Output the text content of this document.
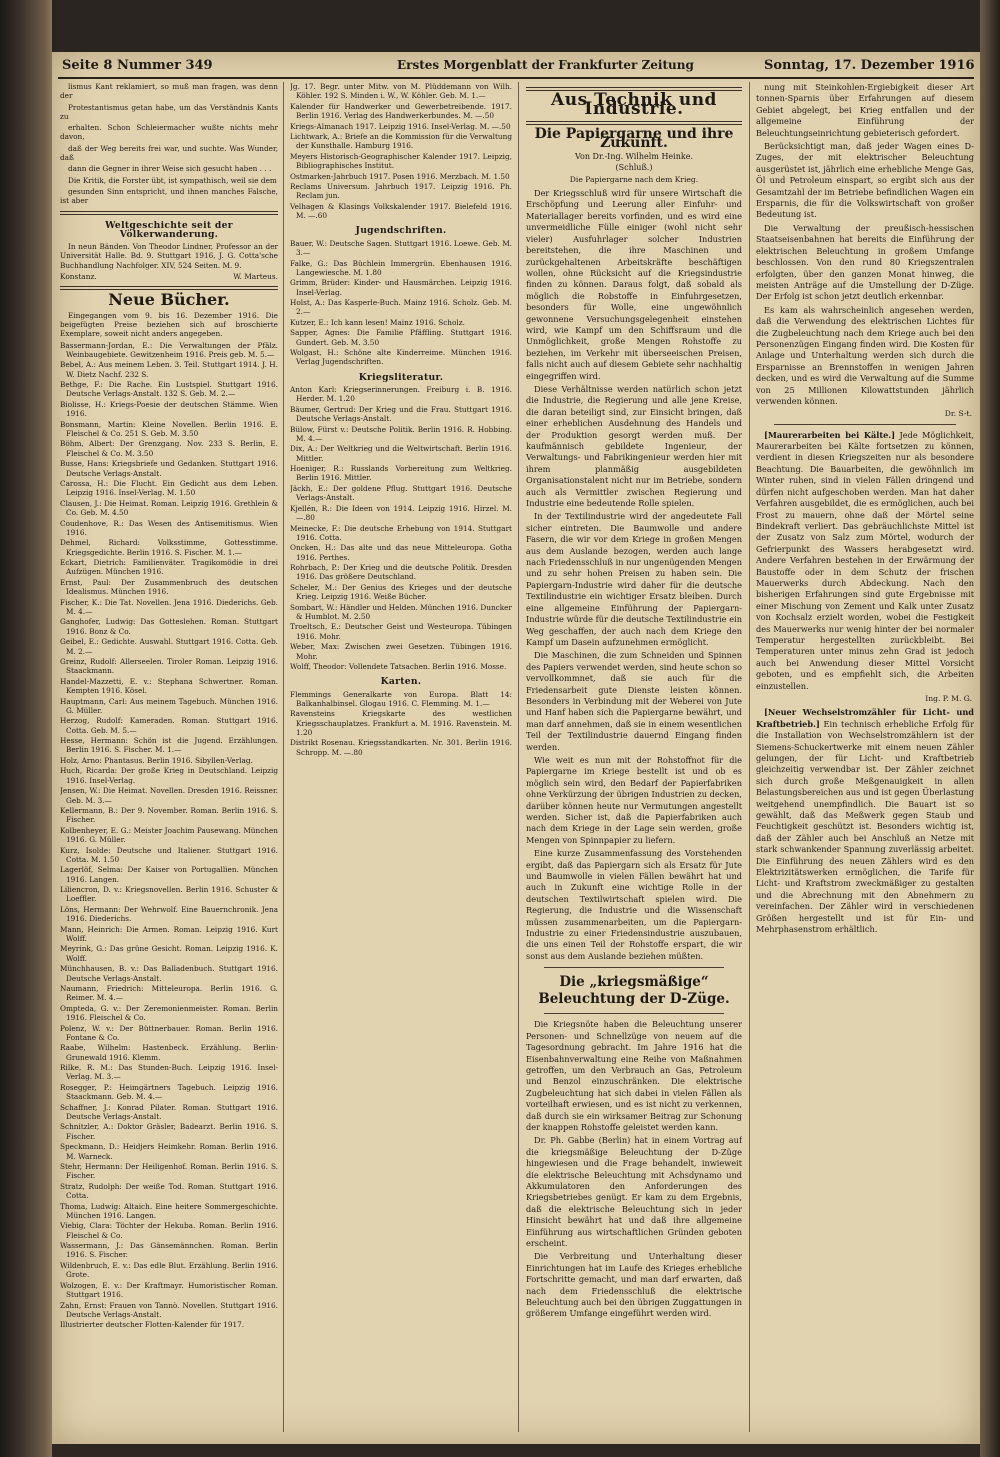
Seite 8 Nummer 349	Erstes Morgenblatt der Frankfurter Zeitung	Sonntag, 17. Dezember 1916
lismus Kant reklamiert, so muß man fragen, was denn der
Protestantismus getan habe, um das Verständnis Kants zu
erhalten. Schon Schleiermacher wußte nichts mehr davon,
daß der Weg bereits frei war, und suchte. Was Wunder, daß
dann die Gegner in ihrer Weise sich gesucht haben . . .
Die Kritik, die Forster übt, ist sympathisch, weil sie dem
gesunden Sinn entspricht, und ihnen manches Falsche, ist aber
Weltgeschichte seit der Völkerwanderung.

In neun Bänden. Von Theodor Lindner, Professor an der Universität Halle. Bd. 9. Stuttgart 1916, J. G. Cotta'sche Buchhandlung Nachfolger. XIV, 524 Seiten. M. 9.

Konstanz.	W. Marteus.
Neue Bücher.

Eingegangen vom 9. bis 16. Dezember 1916. Die beigefügten Preise beziehen sich auf broschierte Exemplare, soweit nicht anders angegeben.

Bassermann-Jordan, E.: Die Verwaltungen der Pfälz. Weinbaugebiete. Gewitzenheim 1916. Preis geb. M. 5.—
Bebel, A.: Aus meinem Leben. 3. Teil. Stuttgart 1914. J. H. W. Dietz Nachf. 232 S.
Bethge, F.: Die Rache. Ein Lustspiel. Stuttgart 1916. Deutsche Verlags-Anstalt. 132 S. Geb. M. 2.—
Biolisse, H.: Kriegs-Poesie der deutschen Stämme. Wien 1916.
Bonsmann, Martin: Kleine Novellen. Berlin 1916. E. Fleischel & Co. 251 S. Geb. M. 3.50
Böhm, Albert: Der Grenzgang. Nov. 233 S. Berlin, E. Fleischel & Co. M. 3.50
Busse, Hans: Kriegsbriefe und Gedanken. Stuttgart 1916. Deutsche Verlags-Anstalt.
Carossa, H.: Die Flucht. Ein Gedicht aus dem Leben. Leipzig 1916. Insel-Verlag. M. 1.50
Clausen, J.: Die Heimat. Roman. Leipzig 1916. Grethlein & Co. Geb. M. 4.50
Coudenhove, R.: Das Wesen des Antisemitismus. Wien 1916.
Dehmel, Richard: Volksstimme, Gottesstimme. Kriegsgedichte. Berlin 1916. S. Fischer. M. 1.—
Eckart, Dietrich: Familienväter. Tragikomödie in drei Aufzügen. München 1916.
Ernst, Paul: Der Zusammenbruch des deutschen Idealismus. München 1916.
Fischer, K.: Die Tat. Novellen. Jena 1916. Diederichs. Geb. M. 4.—
Ganghofer, Ludwig: Das Gotteslehen. Roman. Stuttgart 1916. Bonz & Co.
Geibel, E.: Gedichte. Auswahl. Stuttgart 1916. Cotta. Geb. M. 2.—
Greinz, Rudolf: Allerseelen. Tiroler Roman. Leipzig 1916. Staackmann.
Handel-Mazzetti, E. v.: Stephana Schwertner. Roman. Kempten 1916. Kösel.
Hauptmann, Carl: Aus meinem Tagebuch. München 1916. G. Müller.
Herzog, Rudolf: Kameraden. Roman. Stuttgart 1916. Cotta. Geb. M. 5.—
Hesse, Hermann: Schön ist die Jugend. Erzählungen. Berlin 1916. S. Fischer. M. 1.—
Holz, Arno: Phantasus. Berlin 1916. Sibyllen-Verlag.
Huch, Ricarda: Der große Krieg in Deutschland. Leipzig 1916. Insel-Verlag.
Jensen, W.: Die Heimat. Novellen. Dresden 1916. Reissner. Geb. M. 3.—
Kellermann, B.: Der 9. November. Roman. Berlin 1916. S. Fischer.
Kolbenheyer, E. G.: Meister Joachim Pausewang. München 1916. G. Müller.
Kurz, Isolde: Deutsche und Italiener. Stuttgart 1916. Cotta. M. 1.50
Lagerlöf, Selma: Der Kaiser von Portugallien. München 1916. Langen.
Liliencron, D. v.: Kriegsnovellen. Berlin 1916. Schuster & Loeffler.
Löns, Hermann: Der Wehrwolf. Eine Bauernchronik. Jena 1916. Diederichs.
Mann, Heinrich: Die Armen. Roman. Leipzig 1916. Kurt Wolff.
Meyrink, G.: Das grüne Gesicht. Roman. Leipzig 1916. K. Wolff.
Münchhausen, B. v.: Das Balladenbuch. Stuttgart 1916. Deutsche Verlags-Anstalt.
Naumann, Friedrich: Mitteleuropa. Berlin 1916. G. Reimer. M. 4.—
Ompteda, G. v.: Der Zeremonienmeister. Roman. Berlin 1916. Fleischel & Co.
Polenz, W. v.: Der Büttnerbauer. Roman. Berlin 1916. Fontane & Co.
Raabe, Wilhelm: Hastenbeck. Erzählung. Berlin-Grunewald 1916. Klemm.
Rilke, R. M.: Das Stunden-Buch. Leipzig 1916. Insel-Verlag. M. 3.—
Rosegger, P.: Heimgärtners Tagebuch. Leipzig 1916. Staackmann. Geb. M. 4.—
Schaffner, J.: Konrad Pilater. Roman. Stuttgart 1916. Deutsche Verlags-Anstalt.
Schnitzler, A.: Doktor Gräsler, Badearzt. Berlin 1916. S. Fischer.
Speckmann, D.: Heidjers Heimkehr. Roman. Berlin 1916. M. Warneck.
Stehr, Hermann: Der Heiligenhof. Roman. Berlin 1916. S. Fischer.
Stratz, Rudolph: Der weiße Tod. Roman. Stuttgart 1916. Cotta.
Thoma, Ludwig: Altaich. Eine heitere Sommergeschichte. München 1916. Langen.
Viebig, Clara: Töchter der Hekuba. Roman. Berlin 1916. Fleischel & Co.
Wassermann, J.: Das Gänsemännchen. Roman. Berlin 1916. S. Fischer.
Wildenbruch, E. v.: Das edle Blut. Erzählung. Berlin 1916. Grote.
Wolzogen, E. v.: Der Kraftmayr. Humoristischer Roman. Stuttgart 1916.
Zahn, Ernst: Frauen von Tannò. Novellen. Stuttgart 1916. Deutsche Verlags-Anstalt.
Illustrierter deutscher Flotten-Kalender für 1917.
Jg. 17. Begr. unter Mitw. von M. Plüddemann von Wilh. Köhler. 192 S. Minden i. W., W. Köhler. Geb. M. 1.—
Kalender für Handwerker und Gewerbetreibende. 1917. Berlin 1916. Verlag des Handwerkerbundes. M. —.50
Kriegs-Almanach 1917. Leipzig 1916. Insel-Verlag. M. —.50
Lichtwark, A.: Briefe an die Kommission für die Verwaltung der Kunsthalle. Hamburg 1916.
Meyers Historisch-Geographischer Kalender 1917. Leipzig, Bibliographisches Institut.
Ostmarken-Jahrbuch 1917. Posen 1916. Merzbach. M. 1.50
Reclams Universum. Jahrbuch 1917. Leipzig 1916. Ph. Reclam jun.
Velhagen & Klasings Volkskalender 1917. Bielefeld 1916. M. —.60
Jugendschriften.
Bauer, W.: Deutsche Sagen. Stuttgart 1916. Loewe. Geb. M. 3.—
Falke, G.: Das Büchlein Immergrün. Ebenhausen 1916. Langewiesche. M. 1.80
Grimm, Brüder: Kinder- und Hausmärchen. Leipzig 1916. Insel-Verlag.
Holst, A.: Das Kasperle-Buch. Mainz 1916. Scholz. Geb. M. 2.—
Kutzer, E.: Ich kann lesen! Mainz 1916. Scholz.
Sapper, Agnes: Die Familie Pfäffling. Stuttgart 1916. Gundert. Geb. M. 3.50
Wolgast, H.: Schöne alte Kinderreime. München 1916. Verlag Jugendschriften.
Kriegsliteratur.
Anton Karl: Kriegserinnerungen. Freiburg i. B. 1916. Herder. M. 1.20
Bäumer, Gertrud: Der Krieg und die Frau. Stuttgart 1916. Deutsche Verlags-Anstalt.
Bülow, Fürst v.: Deutsche Politik. Berlin 1916. R. Hobbing. M. 4.—
Dix, A.: Der Weltkrieg und die Weltwirtschaft. Berlin 1916. Mittler.
Hoeniger, R.: Russlands Vorbereitung zum Weltkrieg. Berlin 1916. Mittler.
Jäckh, E.: Der goldene Pflug. Stuttgart 1916. Deutsche Verlags-Anstalt.
Kjellén, R.: Die Ideen von 1914. Leipzig 1916. Hirzel. M. —.80
Meinecke, F.: Die deutsche Erhebung von 1914. Stuttgart 1916. Cotta.
Oncken, H.: Das alte und das neue Mitteleuropa. Gotha 1916. Perthes.
Rohrbach, P.: Der Krieg und die deutsche Politik. Dresden 1916. Das größere Deutschland.
Scheler, M.: Der Genius des Krieges und der deutsche Krieg. Leipzig 1916. Weiße Bücher.
Sombart, W.: Händler und Helden. München 1916. Duncker & Humblot. M. 2.50
Troeltsch, E.: Deutscher Geist und Westeuropa. Tübingen 1916. Mohr.
Weber, Max: Zwischen zwei Gesetzen. Tübingen 1916. Mohr.
Wolff, Theodor: Vollendete Tatsachen. Berlin 1916. Mosse.
Karten.
Flemmings Generalkarte von Europa. Blatt 14: Balkanhalbinsel. Glogau 1916. C. Flemming. M. 1.—
Ravensteins Kriegskarte des westlichen Kriegsschauplatzes. Frankfurt a. M. 1916. Ravenstein. M. 1.20
Distrikt Rosenau. Kriegsstandkarten. Nr. 301. Berlin 1916. Schropp. M. —.80
Aus Technik und Industrie.
Die Papiergarne und ihre Zukunft.
Von Dr.-Ing. Wilhelm Heinke.
(Schluß.)
Die Papiergarne nach dem Krieg.
Der Kriegsschluß wird für unsere Wirtschaft die Erschöpfung und Leerung aller Einfuhr- und Materiallager bereits vorfinden, und es wird eine unvermeidliche Fülle einiger (wohl nicht sehr vieler) Ausfuhrlager solcher Industrien bereitstehen, die ihre Maschinen und zurückgehaltenen Arbeitskräfte beschäftigen wollen, ohne Rücksicht auf die Kriegsindustrie finden zu können. Daraus folgt, daß sobald als möglich die Robstoffe in Einfuhrgesetzen, besonders für Wolle, eine ungewöhnlich gewonnene Versuchungsgelegenheit einstehen wird, wie Kampf um den Schiffsraum und die Unmöglichkeit, große Mengen Rohstoffe zu beziehen, im Verkehr mit überseeischen Preisen, falls nicht auch auf diesem Gebiete sehr nachhaltig eingegriffen wird.
Diese Verhältnisse werden natürlich schon jetzt die Industrie, die Regierung und alle jene Kreise, die daran beteiligt sind, zur Einsicht bringen, daß einer erheblichen Ausdehnung des Handels und der Produktion gesorgt werden muß. Der kaufmännisch gebildete Ingenieur, der Verwaltungs- und Fabrikingenieur werden hier mit ihrem planmäßig ausgebildeten Organisationstalent nicht nur im Betriebe, sondern auch als Vermittler zwischen Regierung und Industrie eine bedeutende Rolle spielen.
In der Textilindustrie wird der angedeutete Fall sicher eintreten. Die Baumwolle und andere Fasern, die wir vor dem Kriege in großen Mengen aus dem Auslande bezogen, werden auch lange nach Friedensschluß in nur ungenügenden Mengen und zu sehr hohen Preisen zu haben sein. Die Papiergarn-Industrie wird daher für die deutsche Textilindustrie ein wichtiger Ersatz bleiben. Durch eine allgemeine Einführung der Papiergarn-Industrie würde für die deutsche Textilindustrie ein Weg geschaffen, der auch nach dem Kriege den Kampf um Dasein aufzunehmen ermöglicht.
Die Maschinen, die zum Schneiden und Spinnen des Papiers verwendet werden, sind heute schon so vervollkommnet, daß sie auch für die Friedensarbeit gute Dienste leisten können. Besonders in Verbindung mit der Weberei von Jute und Hanf haben sich die Papiergarne bewährt, und man darf annehmen, daß sie in einem wesentlichen Teil der Textilindustrie dauernd Eingang finden werden.
Wie weit es nun mit der Rohstoffnot für die Papiergarne im Kriege bestellt ist und ob es möglich sein wird, den Bedarf der Papierfabriken ohne Verkürzung der übrigen Industrien zu decken, darüber können heute nur Vermutungen angestellt werden. Sicher ist, daß die Papierfabriken auch nach dem Kriege in der Lage sein werden, große Mengen von Spinnpapier zu liefern.
Eine kurze Zusammenfassung des Vorstehenden ergibt, daß das Papiergarn sich als Ersatz für Jute und Baumwolle in vielen Fällen bewährt hat und auch in Zukunft eine wichtige Rolle in der deutschen Textilwirtschaft spielen wird. Die Regierung, die Industrie und die Wissenschaft müssen zusammenarbeiten, um die Papiergarn-Industrie zu einer Friedensindustrie auszubauen, die uns einen Teil der Rohstoffe erspart, die wir sonst aus dem Auslande beziehen müßten.
Die „kriegsmäßige“ Beleuchtung der D-Züge.
Die Kriegsnöte haben die Beleuchtung unserer Personen- und Schnellzüge von neuem auf die Tagesordnung gebracht. Im Jahre 1916 hat die Eisenbahnverwaltung eine Reihe von Maßnahmen getroffen, um den Verbrauch an Gas, Petroleum und Benzol einzuschränken. Die elektrische Zugbeleuchtung hat sich dabei in vielen Fällen als vorteilhaft erwiesen, und es ist nicht zu verkennen, daß durch sie ein wirksamer Beitrag zur Schonung der knappen Rohstoffe geleistet werden kann.
Dr. Ph. Gabbe (Berlin) hat in einem Vortrag auf die kriegsmäßige Beleuchtung der D-Züge hingewiesen und die Frage behandelt, inwieweit die elektrische Beleuchtung mit Achsdynamo und Akkumulatoren den Anforderungen des Kriegsbetriebes genügt. Er kam zu dem Ergebnis, daß die elektrische Beleuchtung sich in jeder Hinsicht bewährt hat und daß ihre allgemeine Einführung aus wirtschaftlichen Gründen geboten erscheint.
Die Verbreitung und Unterhaltung dieser Einrichtungen hat im Laufe des Krieges erhebliche Fortschritte gemacht, und man darf erwarten, daß nach dem Friedensschluß die elektrische Beleuchtung auch bei den übrigen Zuggattungen in größerem Umfange eingeführt werden wird.
nung mit Steinkohlen-Ergiebigkeit dieser Art tonnen-Sparnis über Erfahrungen auf diesem Gebiet abgelegt, bei Krieg entfallen und der allgemeine Einführung der Beleuchtungseinrichtung gebieterisch gefordert.
Berücksichtigt man, daß jeder Wagen eines D-Zuges, der mit elektrischer Beleuchtung ausgerüstet ist, jährlich eine erhebliche Menge Gas, Öl und Petroleum einspart, so ergibt sich aus der Gesamtzahl der im Betriebe befindlichen Wagen ein Ersparnis, die für die Volkswirtschaft von großer Bedeutung ist.
Die Verwaltung der preußisch-hessischen Staatseisenbahnen hat bereits die Einführung der elektrischen Beleuchtung in großem Umfange beschlossen. Von den rund 80 Kriegszentralen erfolgten, über den ganzen Monat hinweg, die meisten Anträge auf die Umstellung der D-Züge. Der Erfolg ist schon jetzt deutlich erkennbar.
Es kam als wahrscheinlich angesehen werden, daß die Verwendung des elektrischen Lichtes für die Zugbeleuchtung nach dem Kriege auch bei den Personenzügen Eingang finden wird. Die Kosten für Anlage und Unterhaltung werden sich durch die Ersparnisse an Brennstoffen in wenigen Jahren decken, und es wird die Verwaltung auf die Summe von 25 Millionen Kilowattstunden jährlich verwenden können.
Dr. S-t.

[Maurerarbeiten bei Kälte.] Jede Möglichkeit, Maurerarbeiten bei Kälte fortsetzen zu können, verdient in diesen Kriegszeiten nur als besondere Beachtung. Die Bauarbeiten, die gewöhnlich im Winter ruhen, sind in vielen Fällen dringend und dürfen nicht aufgeschoben werden. Man hat daher Verfahren ausgebildet, die es ermöglichen, auch bei Frost zu mauern, ohne daß der Mörtel seine Bindekraft verliert. Das gebräuchlichste Mittel ist der Zusatz von Salz zum Mörtel, wodurch der Gefrierpunkt des Wassers herabgesetzt wird. Andere Verfahren bestehen in der Erwärmung der Baustoffe oder in dem Schutz der frischen Mauerwerks durch Abdeckung. Nach den bisherigen Erfahrungen sind gute Ergebnisse mit einer Mischung von Zement und Kalk unter Zusatz von Kochsalz erzielt worden, wobei die Festigkeit des Mauerwerks nur wenig hinter der bei normaler Temperatur hergestellten zurückbleibt. Bei Temperaturen unter minus zehn Grad ist jedoch auch bei Anwendung dieser Mittel Vorsicht geboten, und es empfiehlt sich, die Arbeiten einzustellen.

Ing. P. M. G.

[Neuer Wechselstromzähler für Licht- und Kraftbetrieb.] Ein technisch erhebliche Erfolg für die Installation von Wechselstromzählern ist der Siemens-Schuckertwerke mit einem neuen Zähler gelungen, der für Licht- und Kraftbetrieb gleichzeitig verwendbar ist. Der Zähler zeichnet sich durch große Meßgenauigkeit in allen Belastungsbereichen aus und ist gegen Überlastung weitgehend unempfindlich. Die Bauart ist so gewählt, daß das Meßwerk gegen Staub und Feuchtigkeit geschützt ist. Besonders wichtig ist, daß der Zähler auch bei Anschluß an Netze mit stark schwankender Spannung zuverlässig arbeitet. Die Einführung des neuen Zählers wird es den Elektrizitätswerken ermöglichen, die Tarife für Licht- und Kraftstrom zweckmäßiger zu gestalten und die Abrechnung mit den Abnehmern zu vereinfachen. Der Zähler wird in verschiedenen Größen hergestellt und ist für Ein- und Mehrphasenstrom erhältlich.
